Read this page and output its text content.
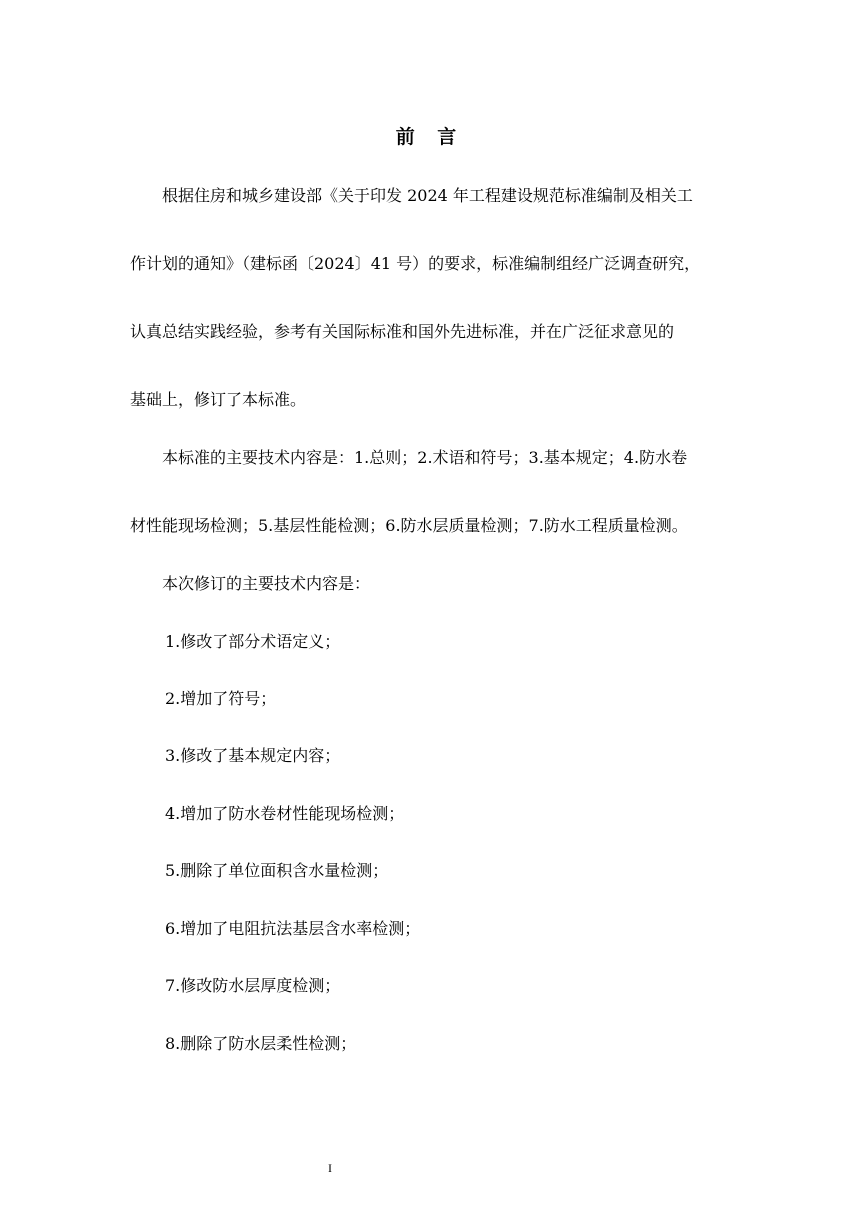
前 言
根据住房和城乡建设部《关于印发 2024 年工程建设规范标准编制及相关工
作计划的通知》（建标函〔2024〕41 号）的要求，标准编制组经广泛调查研究，
认真总结实践经验，参考有关国际标准和国外先进标准，并在广泛征求意见的
基础上，修订了本标准。
本标准的主要技术内容是：1.总则；2.术语和符号；3.基本规定；4.防水卷
材性能现场检测；5.基层性能检测；6.防水层质量检测；7.防水工程质量检测。
本次修订的主要技术内容是：
1.修改了部分术语定义；
2.增加了符号；
3.修改了基本规定内容；
4.增加了防水卷材性能现场检测；
5.删除了单位面积含水量检测；
6.增加了电阻抗法基层含水率检测；
7.修改防水层厚度检测；
8.删除了防水层柔性检测；
I
